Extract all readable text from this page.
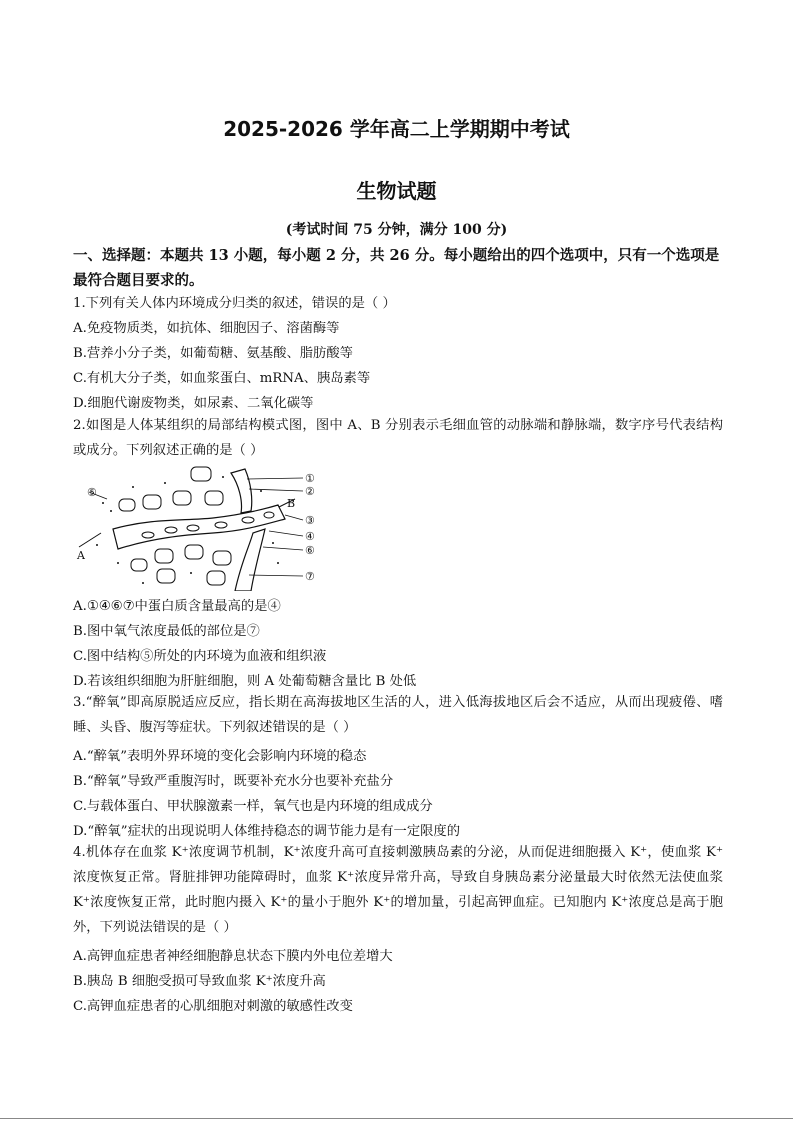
2025-2026 学年高二上学期期中考试
生物试题
(考试时间 75 分钟，满分 100 分)
一、选择题：本题共 13 小题，每小题 2 分，共 26 分。每小题给出的四个选项中，只有一个选项是最符合题目要求的。
1.下列有关人体内环境成分归类的叙述，错误的是（ ）
A.免疫物质类，如抗体、细胞因子、溶菌酶等
B.营养小分子类，如葡萄糖、氨基酸、脂肪酸等
C.有机大分子类，如血浆蛋白、mRNA、胰岛素等
D.细胞代谢废物类，如尿素、二氧化碳等
2.如图是人体某组织的局部结构模式图，图中 A、B 分别表示毛细血管的动脉端和静脉端，数字序号代表结构或成分。下列叙述正确的是（ ）
①
②
③
④
⑥
⑦
⑤
A
B
A.①④⑥⑦中蛋白质含量最高的是④
B.图中氧气浓度最低的部位是⑦
C.图中结构⑤所处的内环境为血液和组织液
D.若该组织细胞为肝脏细胞，则 A 处葡萄糖含量比 B 处低
3.“醉氧”即高原脱适应反应，指长期在高海拔地区生活的人，进入低海拔地区后会不适应，从而出现疲倦、嗜睡、头昏、腹泻等症状。下列叙述错误的是（ ）
A.“醉氧”表明外界环境的变化会影响内环境的稳态
B.“醉氧”导致严重腹泻时，既要补充水分也要补充盐分
C.与载体蛋白、甲状腺激素一样，氧气也是内环境的组成成分
D.“醉氧”症状的出现说明人体维持稳态的调节能力是有一定限度的
4.机体存在血浆 K⁺浓度调节机制，K⁺浓度升高可直接刺激胰岛素的分泌，从而促进细胞摄入 K⁺，使血浆 K⁺浓度恢复正常。肾脏排钾功能障碍时，血浆 K⁺浓度异常升高，导致自身胰岛素分泌量最大时依然无法使血浆 K⁺浓度恢复正常，此时胞内摄入 K⁺的量小于胞外 K⁺的增加量，引起高钾血症。已知胞内 K⁺浓度总是高于胞外，下列说法错误的是（ ）
A.高钾血症患者神经细胞静息状态下膜内外电位差增大
B.胰岛 B 细胞受损可导致血浆 K⁺浓度升高
C.高钾血症患者的心肌细胞对刺激的敏感性改变
